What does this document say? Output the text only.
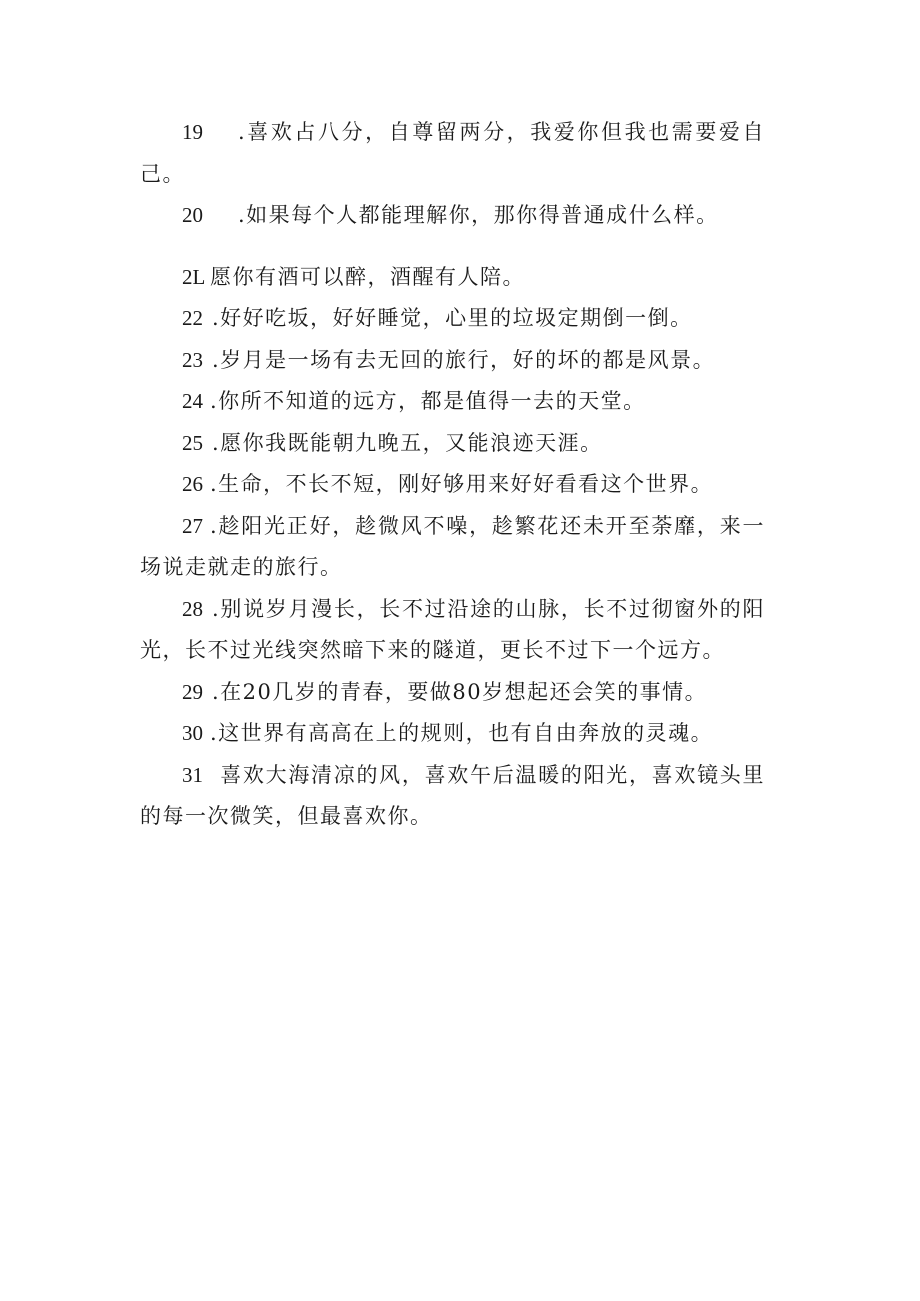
19 .喜欢占八分，自尊留两分，我爱你但我也需要爱自己。

20 .如果每个人都能理解你，那你得普通成什么样。

2L 愿你有酒可以醉，酒醒有人陪。

22 .好好吃坂，好好睡觉，心里的垃圾定期倒一倒。

23 .岁月是一场有去无回的旅行，好的坏的都是风景。

24 .你所不知道的远方，都是值得一去的天堂。

25 .愿你我既能朝九晚五，又能浪迹天涯。

26 .生命，不长不短，刚好够用来好好看看这个世界。

27 .趁阳光正好，趁微风不噪，趁繁花还未开至荼靡，来一场说走就走的旅行。

28 .别说岁月漫长，长不过沿途的山脉，长不过彻窗外的阳光，长不过光线突然暗下来的隧道，更长不过下一个远方。

29 .在20几岁的青春，要做80岁想起还会笑的事情。

30 .这世界有高高在上的规则，也有自由奔放的灵魂。

31 喜欢大海清凉的风，喜欢午后温暖的阳光，喜欢镜头里的每一次微笑，但最喜欢你。
